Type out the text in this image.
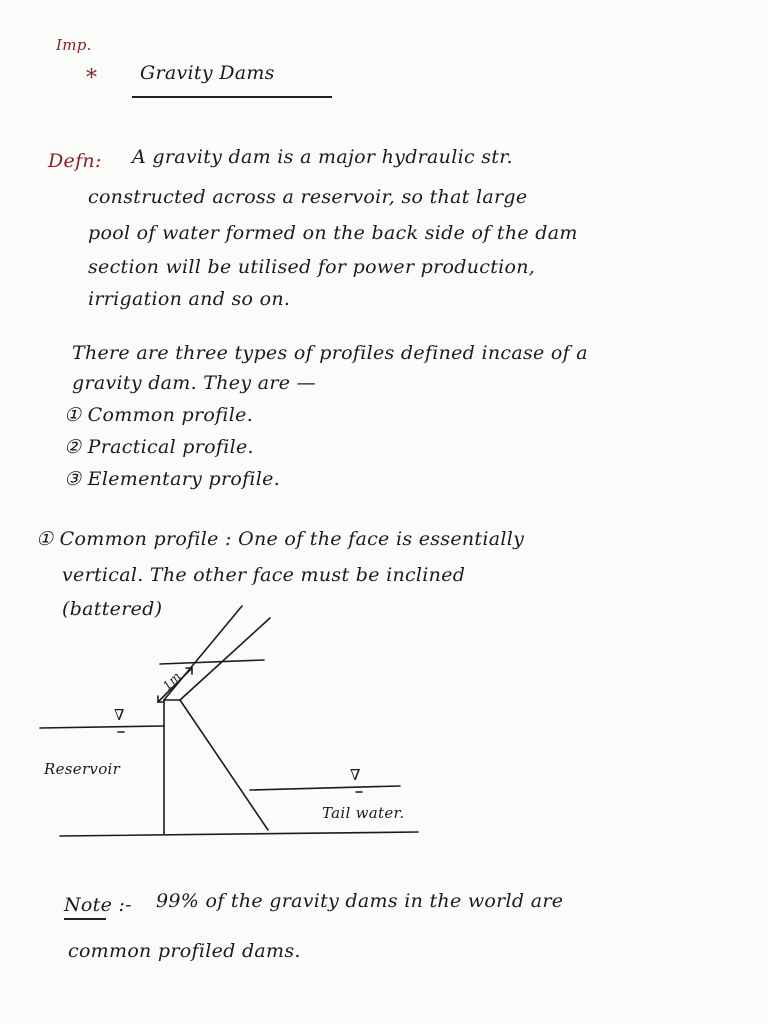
Imp.
* Gravity Dams
Defn: A gravity dam is a major hydraulic str.
constructed across a reservoir, so that large
pool of water formed on the back side of the dam
section will be utilised for power production,
irrigation and so on.
There are three types of profiles defined incase of a
gravity dam. They are —
① Common profile.
② Practical profile.
③ Elementary profile.
① Common profile : One of the face is essentially
vertical. The other face must be inclined
(battered)
∇
∇
1m
Reservoir
Tail water.
Note :- 99% of the gravity dams in the world are
common profiled dams.
